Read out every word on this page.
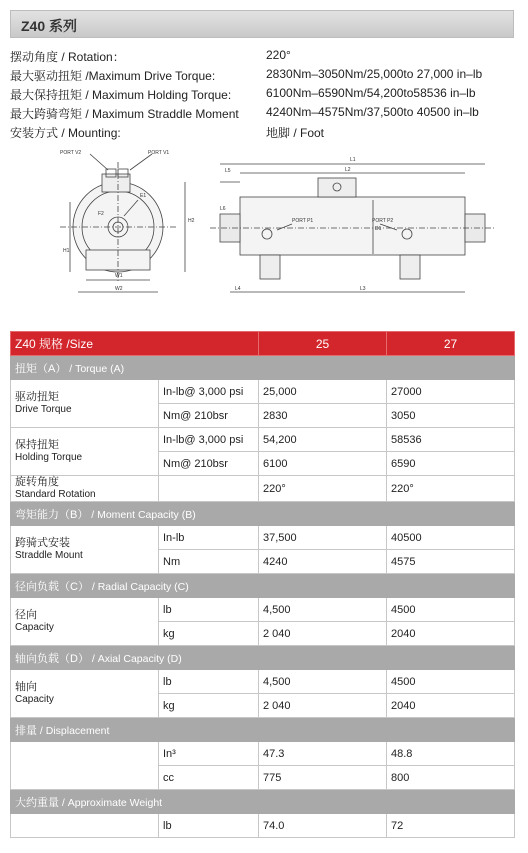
Z40 系列
摆动角度 / Rotation：	220°
最大驱动扭矩 /Maximum Drive Torque:	2830Nm–3050Nm/25,000to 27,000 in–lb
最大保持扭矩 / Maximum Holding Torque:	6100Nm–6590Nm/54,200to58536 in–lb
最大跨骑弯矩 / Maximum Straddle Moment 4240Nm–4575Nm/37,500to 40500 in–lb
安装方式 / Mounting:	地脚 / Foot
PORT V2	PORT V1
E1
F2
H1
H2
W1
W2
L1
L2
L3
L4
L5
L6
D1
PORT P1	PORT P2
Z40 规格 /Size		25	27
扭矩（A） / Torque (A)			

驱动扭矩
Drive Torque	In-lb@ 3,000 psi	25,000	27000
	Nm@ 210bsr	2830	3050

保持扭矩
Holding Torque	In-lb@ 3,000 psi	54,200	58536
	Nm@ 210bsr	6100	6590

旋转角度
Standard Rotation		220°	220°
弯矩能力（B） / Moment Capacity (B)			

跨骑式安装
Straddle Mount	In-lb	37,500	40500
	Nm	4240	4575
径向负载（C） / Radial Capacity (C)			

径向
Capacity	lb	4,500	4500
	kg	2 040	2040
轴向负载（D） / Axial Capacity (D)			

轴向
Capacity	lb	4,500	4500
	kg	2 040	2040
排量 / Displacement			
	In³	47.3	48.8
	cc	775	800
大约重量 / Approximate Weight			
	lb	74.0	72
